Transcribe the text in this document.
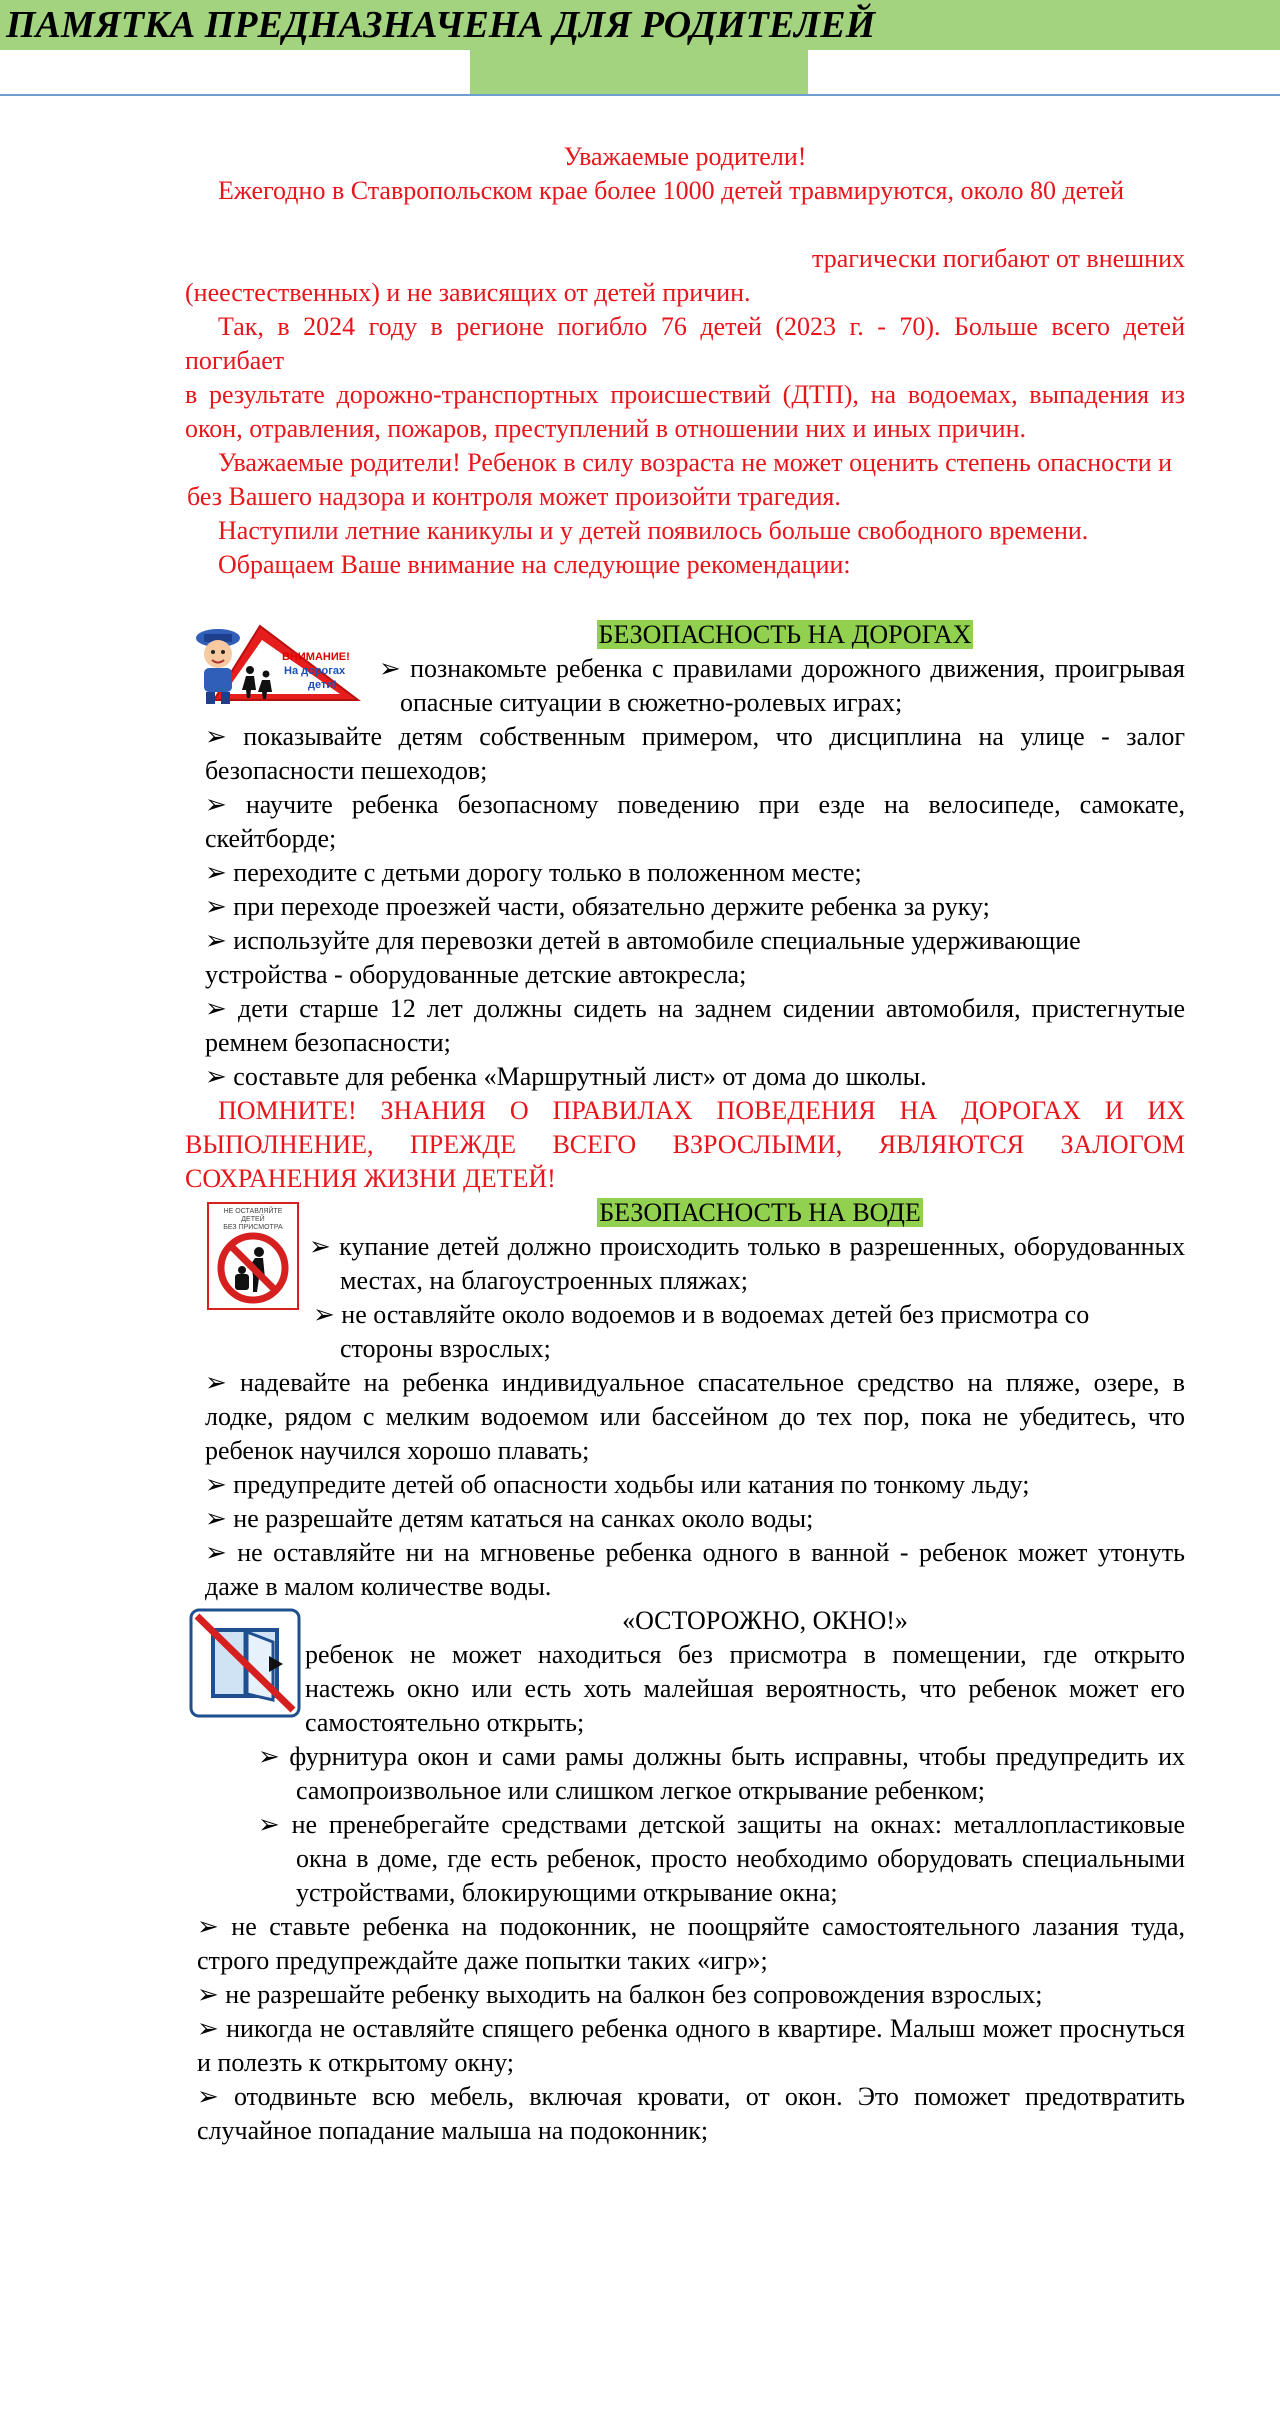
ПАМЯТКА ПРЕДНАЗНАЧЕНА ДЛЯ РОДИТЕЛЕЙ

Уважаемые родители!

Ежегодно в Ставропольском крае более 1000 детей травмируются, около 80 детей

трагически погибают от внешних

(неестественных) и не зависящих от детей причин.

Так, в 2024 году в регионе погибло 76 детей (2023 г. - 70). Больше всего детей погибает

в результате дорожно-транспортных происшествий (ДТП), на водоемах, выпадения из окон, отравления, пожаров, преступлений в отношении них и иных причин.

Уважаемые родители! Ребенок в силу возраста не может оценить степень опасности и

без Вашего надзора и контроля может произойти трагедия.

Наступили летние каникулы и у детей появилось больше свободного времени.

Обращаем Ваше внимание на следующие рекомендации:

ВНИМАНИЕ!
На дорогах
дети!
БЕЗОПАСНОСТЬ НА ДОРОГАХ

➢ познакомьте ребенка с правилами дорожного движения, проигрывая опасные ситуации в сюжетно-ролевых играх;

➢ показывайте детям собственным примером, что дисциплина на улице - залог безопасности пешеходов;

➢ научите ребенка безопасному поведению при езде на велосипеде, самокате, скейтборде;

➢ переходите с детьми дорогу только в положенном месте;

➢ при переходе проезжей части, обязательно держите ребенка за руку;

➢ используйте для перевозки детей в автомобиле специальные удерживающие устройства - оборудованные детские автокресла;

➢ дети старше 12 лет должны сидеть на заднем сидении автомобиля, пристегнутые ремнем безопасности;

➢ составьте для ребенка «Маршрутный лист» от дома до школы.

ПОМНИТЕ! ЗНАНИЯ О ПРАВИЛАХ ПОВЕДЕНИЯ НА ДОРОГАХ И ИХ ВЫПОЛНЕНИЕ, ПРЕЖДЕ ВСЕГО ВЗРОСЛЫМИ, ЯВЛЯЮТСЯ ЗАЛОГОМ СОХРАНЕНИЯ ЖИЗНИ ДЕТЕЙ!

НЕ ОСТАВЛЯЙТЕ
ДЕТЕЙ
БЕЗ ПРИСМОТРА
БЕЗОПАСНОСТЬ НА ВОДЕ

➢ купание детей должно происходить только в разрешенных, оборудованных местах, на благоустроенных пляжах;

➢ не оставляйте около водоемов и в водоемах детей без присмотра со стороны взрослых;

➢ надевайте на ребенка индивидуальное спасательное средство на пляже, озере, в лодке, рядом с мелким водоемом или бассейном до тех пор, пока не убедитесь, что ребенок научился хорошо плавать;

➢ предупредите детей об опасности ходьбы или катания по тонкому льду;

➢ не разрешайте детям кататься на санках около воды;

➢ не оставляйте ни на мгновенье ребенка одного в ванной - ребенок может утонуть даже в малом количестве воды.

«ОСТОРОЖНО, ОКНО!»

ребенок не может находиться без присмотра в помещении, где открыто настежь окно или есть хоть малейшая вероятность, что ребенок может его самостоятельно открыть;

➢ фурнитура окон и сами рамы должны быть исправны, чтобы предупредить их самопроизвольное или слишком легкое открывание ребенком;

➢ не пренебрегайте средствами детской защиты на окнах: металлопластиковые окна в доме, где есть ребенок, просто необходимо оборудовать специальными устройствами, блокирующими открывание окна;

➢ не ставьте ребенка на подоконник, не поощряйте самостоятельного лазания туда, строго предупреждайте даже попытки таких «игр»;

➢ не разрешайте ребенку выходить на балкон без сопровождения взрослых;

➢ никогда не оставляйте спящего ребенка одного в квартире. Малыш может проснуться и полезть к открытому окну;

➢ отодвиньте всю мебель, включая кровати, от окон. Это поможет предотвратить случайное попадание малыша на подоконник;
